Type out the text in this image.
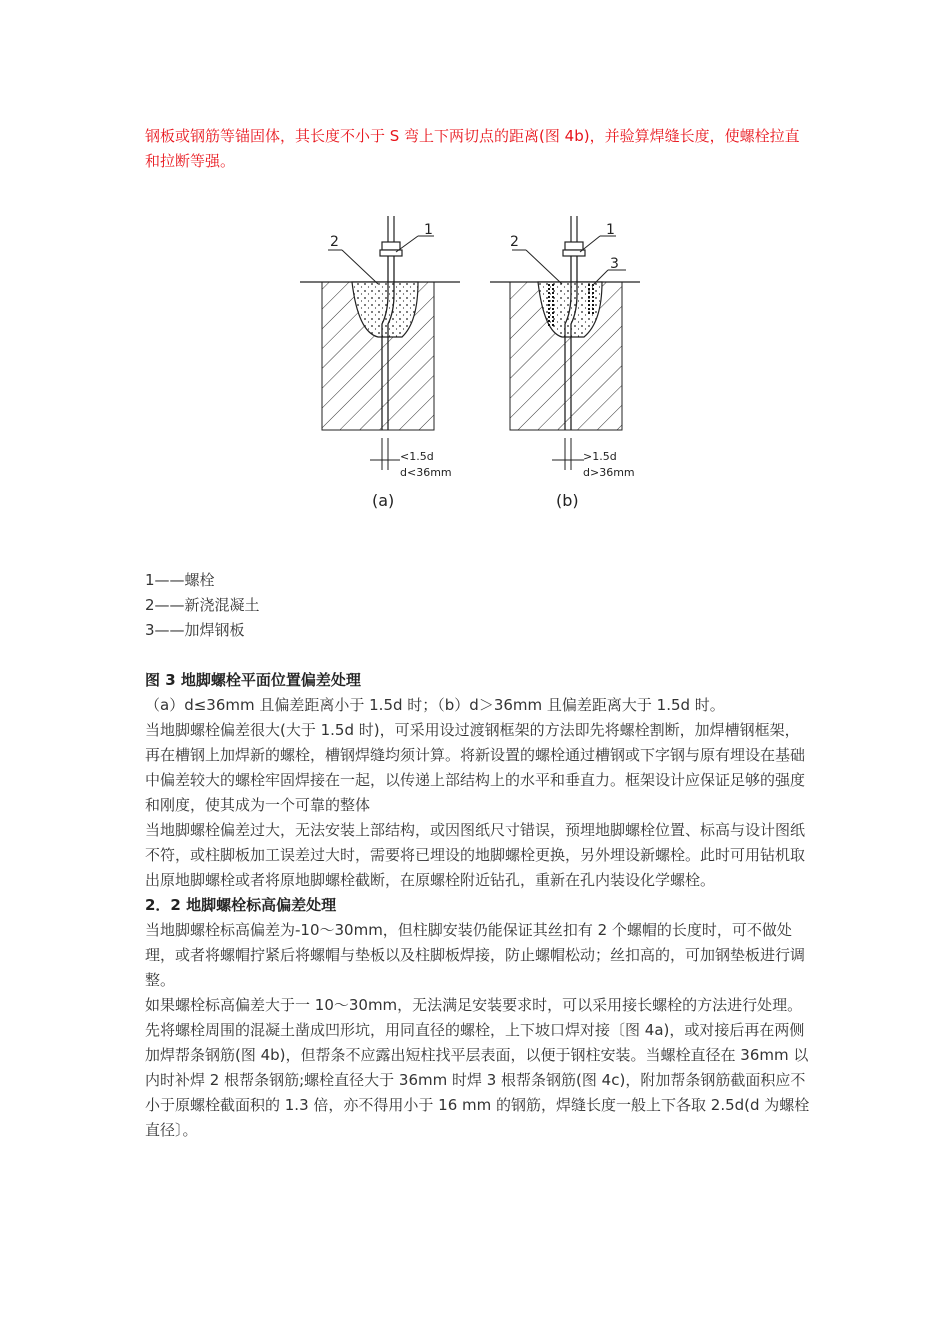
钢板或钢筋等锚固体，其长度不小于 S 弯上下两切点的距离(图 4b)，并验算焊缝长度，使螺栓拉直和拉断等强。
2
1
<1.5d
d<36mm
(a)
2
1
3
>1.5d
d>36mm
(b)
1——螺栓
2——新浇混凝土
3——加焊钢板

图 3 地脚螺栓平面位置偏差处理

（a）d≤36mm 且偏差距离小于 1.5d 时；（b）d＞36mm 且偏差距离大于 1.5d 时。

当地脚螺栓偏差很大(大于 1.5d 时)，可采用设过渡钢框架的方法即先将螺栓割断，加焊槽钢框架，再在槽钢上加焊新的螺栓，槽钢焊缝均须计算。将新设置的螺栓通过槽钢或下字钢与原有埋设在基础中偏差较大的螺栓牢固焊接在一起，以传递上部结构上的水平和垂直力。框架设计应保证足够的强度和刚度，使其成为一个可靠的整体

当地脚螺栓偏差过大，无法安装上部结构，或因图纸尺寸错误，预埋地脚螺栓位置、标高与设计图纸不符，或柱脚板加工误差过大时，需要将已埋设的地脚螺栓更换，另外埋设新螺栓。此时可用钻机取出原地脚螺栓或者将原地脚螺栓截断，在原螺栓附近钻孔，重新在孔内装设化学螺栓。

2．2 地脚螺栓标高偏差处理

当地脚螺栓标高偏差为-10～30mm，但柱脚安装仍能保证其丝扣有 2 个螺帽的长度时，可不做处理，或者将螺帽拧紧后将螺帽与垫板以及柱脚板焊接，防止螺帽松动；丝扣高的，可加钢垫板进行调整。

如果螺栓标高偏差大于一 10～30mm，无法满足安装要求时，可以采用接长螺栓的方法进行处理。

先将螺栓周围的混凝土凿成凹形坑，用同直径的螺栓，上下坡口焊对接〔图 4a)，或对接后再在两侧加焊帮条钢筋(图 4b)，但帮条不应露出短柱找平层表面，以便于钢柱安装。当螺栓直径在 36mm 以内时补焊 2 根帮条钢筋;螺栓直径大于 36mm 时焊 3 根帮条钢筋(图 4c)，附加帮条钢筋截面积应不小于原螺栓截面积的 1.3 倍，亦不得用小于 16 mm 的钢筋，焊缝长度一般上下各取 2.5d(d 为螺栓直径〕。
